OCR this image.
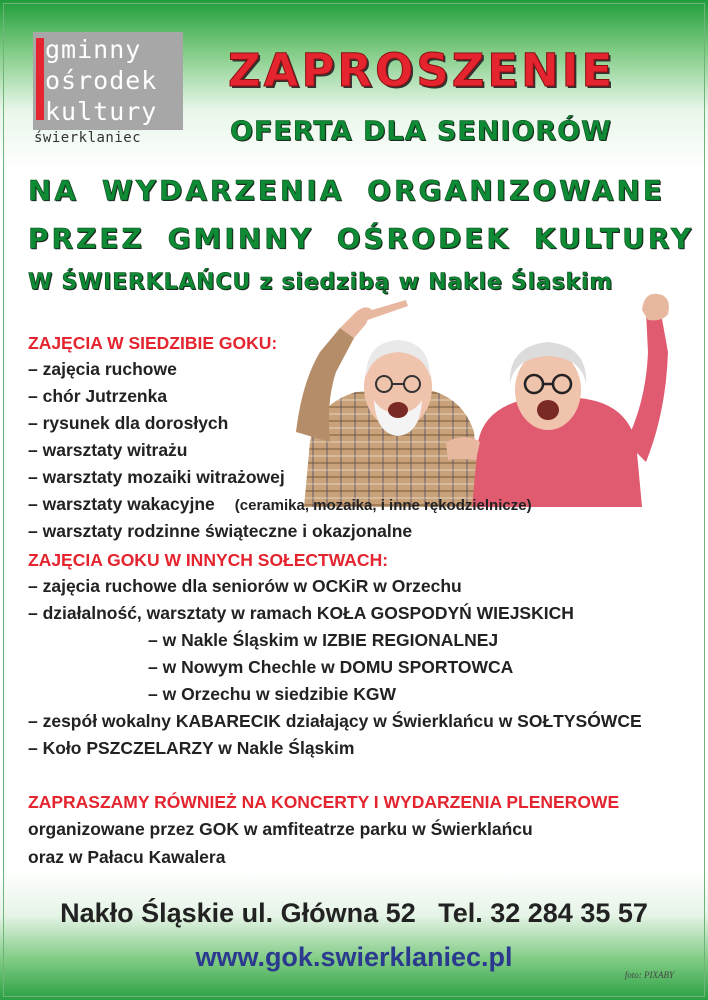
gminny
ośrodek
kultury
świerklaniec
ZAPROSZENIE
OFERTA DLA SENIORÓW
NA WYDARZENIA ORGANIZOWANE
PRZEZ GMINNY OŚRODEK KULTURY
W ŚWIERKLAŃCU z siedzibą w Nakle Ślaskim
ZAJĘCIA W SIEDZIBIE GOKU:
– zajęcia ruchowe
– chór Jutrzenka
– rysunek dla dorosłych
– warsztaty witrażu
– warsztaty mozaiki witrażowej
– warsztaty wakacyjne (ceramika, mozaika, i inne rękodzielnicze)
– warsztaty rodzinne świąteczne i okazjonalne
ZAJĘCIA GOKU W INNYCH SOŁECTWACH:
– zajęcia ruchowe dla seniorów w OCKiR w Orzechu
– działalność, warsztaty w ramach KOŁA GOSPODYŃ WIEJSKICH
– w Nakle Śląskim w IZBIE REGIONALNEJ
– w Nowym Chechle w DOMU SPORTOWCA
– w Orzechu w siedzibie KGW
– zespół wokalny KABARECIK działający w Świerklańcu w SOŁTYSÓWCE
– Koło PSZCZELARZY w Nakle Śląskim
ZAPRASZAMY RÓWNIEŻ NA KONCERTY I WYDARZENIA PLENEROWE
organizowane przez GOK w amfiteatrze parku w Świerklańcu
oraz w Pałacu Kawalera
Nakło Śląskie ul. Główna 52 Tel. 32 284 35 57
www.gok.swierklaniec.pl
foto: PIXABY
